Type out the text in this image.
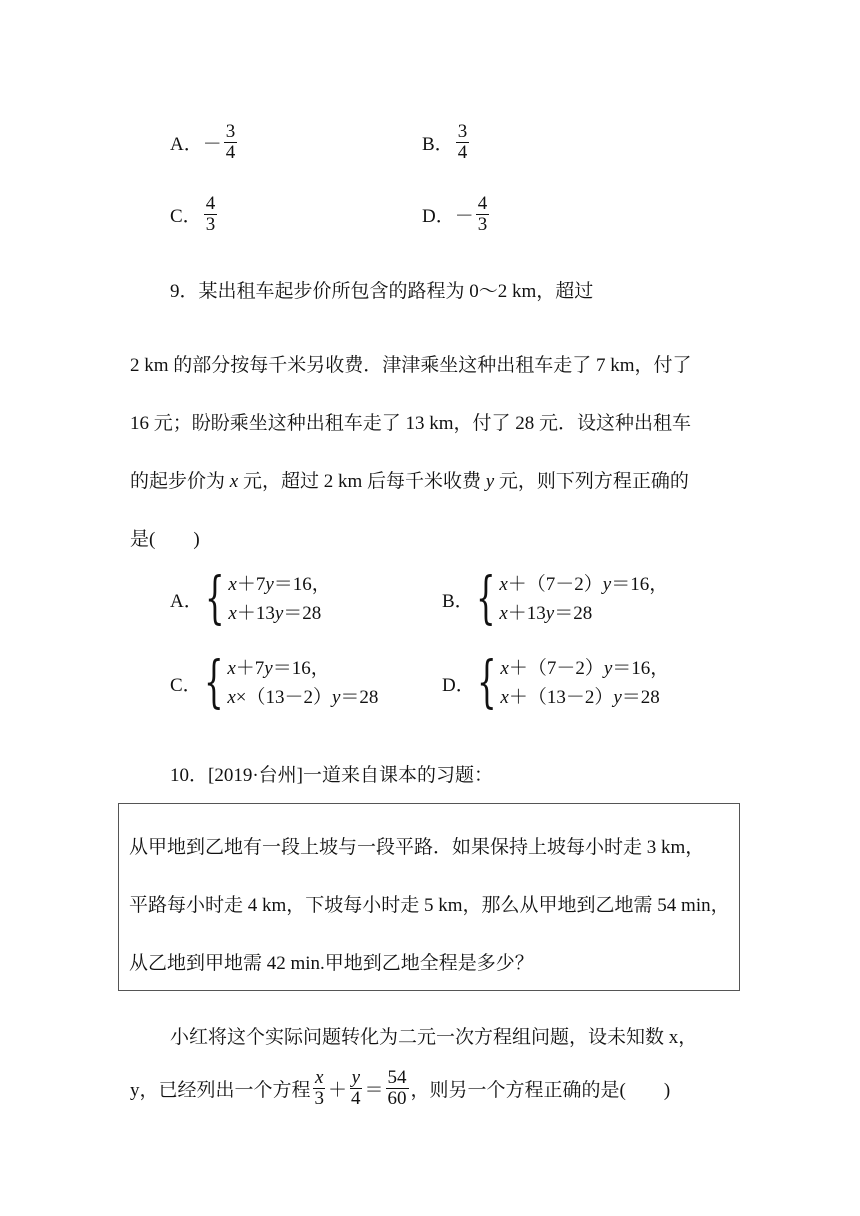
A． － $\frac{3}{4}$	B． $\frac{3}{4}$
C． $\frac{4}{3}$	D． － $\frac{4}{3}$
9．某出租车起步价所包含的路程为 0～2 km，超过
2 km 的部分按每千米另收费．津津乘坐这种出租车走了 7 km，付了
16 元；盼盼乘坐这种出租车走了 13 km，付了 28 元．设这种出租车
的起步价为 x 元，超过 2 km 后每千米收费 y 元，则下列方程正确的
是(　　)
A． { x＋7y＝16，
x＋13y＝28
B． { x＋（7－2）y＝16，
x＋13y＝28
C． { x＋7y＝16，
x×（13－2）y＝28
D． { x＋（7－2）y＝16，
x＋（13－2）y＝28
10．[2019·台州]一道来自课本的习题：
从甲地到乙地有一段上坡与一段平路．如果保持上坡每小时走 3 km，
平路每小时走 4 km，下坡每小时走 5 km，那么从甲地到乙地需 54 min，
从乙地到甲地需 42 min.甲地到乙地全程是多少？
小红将这个实际问题转化为二元一次方程组问题，设未知数 x，
y，已经列出一个方程 $\frac{x}{3} + \frac{y}{4} = \frac{54}{60}$ ，则另一个方程正确的是(　　)
